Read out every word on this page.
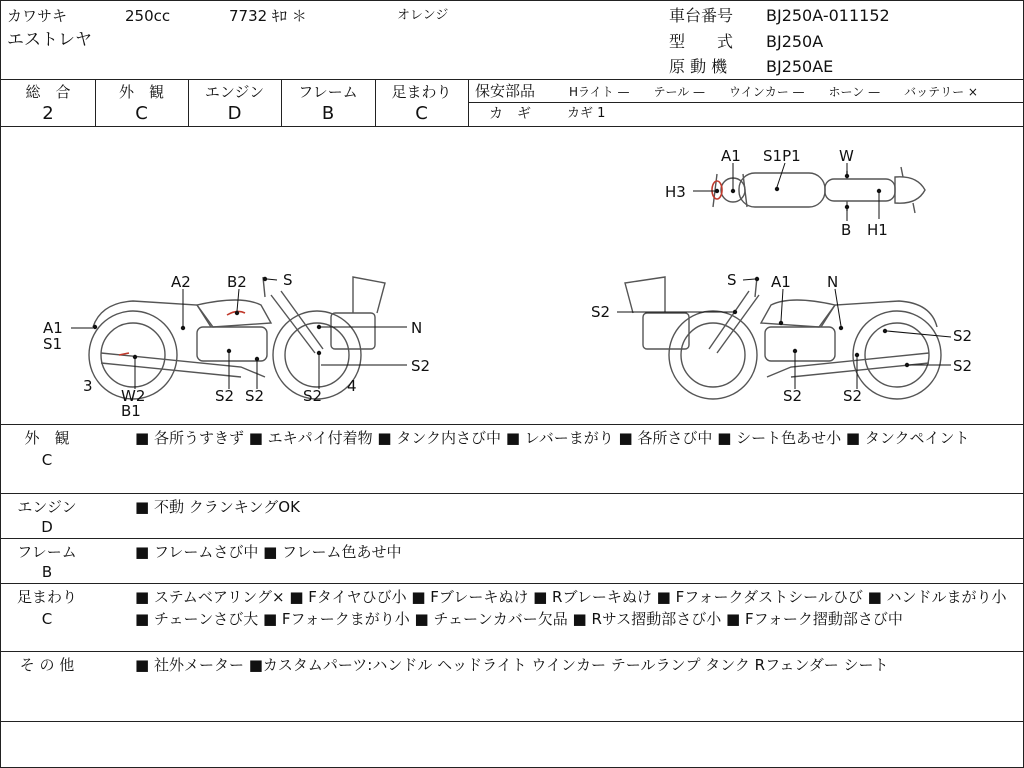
カワサキ	250cc	7732 ｷﾛ ＊	オレンジ
エストレヤ
車台番号 BJ250A-011152
型　　式 BJ250A
原 動 機 BJ250AE
総　合
2
外　観
C
エンジン
D
フレーム
B
足まわり
C
保安部品	Hライト —　　テール —　　ウインカー —　　ホーン —　　バッテリー ×
カ　ギ	カギ 1
A1 S1P1	W
H3
B H1
A2 B2 S
A1
S1
N
S2
3
W2
B1
S2 S2	S2
4
S A1 N
S2
S2
S2
S2	S2
外　観
C
■ 各所うすきず ■ エキパイ付着物 ■ タンク内さび中 ■ レバーまがり ■ 各所さび中 ■ シート色あせ小 ■ タンクペイント
エンジン
D
■ 不動 クランキングOK
フレーム
B
■ フレームさび中 ■ フレーム色あせ中
足まわり
C
■ ステムベアリング× ■ Fタイヤひび小 ■ Fブレーキぬけ ■ Rブレーキぬけ ■ Fフォークダストシールひび ■ ハンドルまがり小 ■ チェーンさび大 ■ Fフォークまがり小 ■ チェーンカバー欠品 ■ Rサス摺動部さび小 ■ Fフォーク摺動部さび中
そ の 他	■ 社外メーター ■カスタムパーツ:ハンドル ヘッドライト ウインカー テールランプ タンク Rフェンダー シート
